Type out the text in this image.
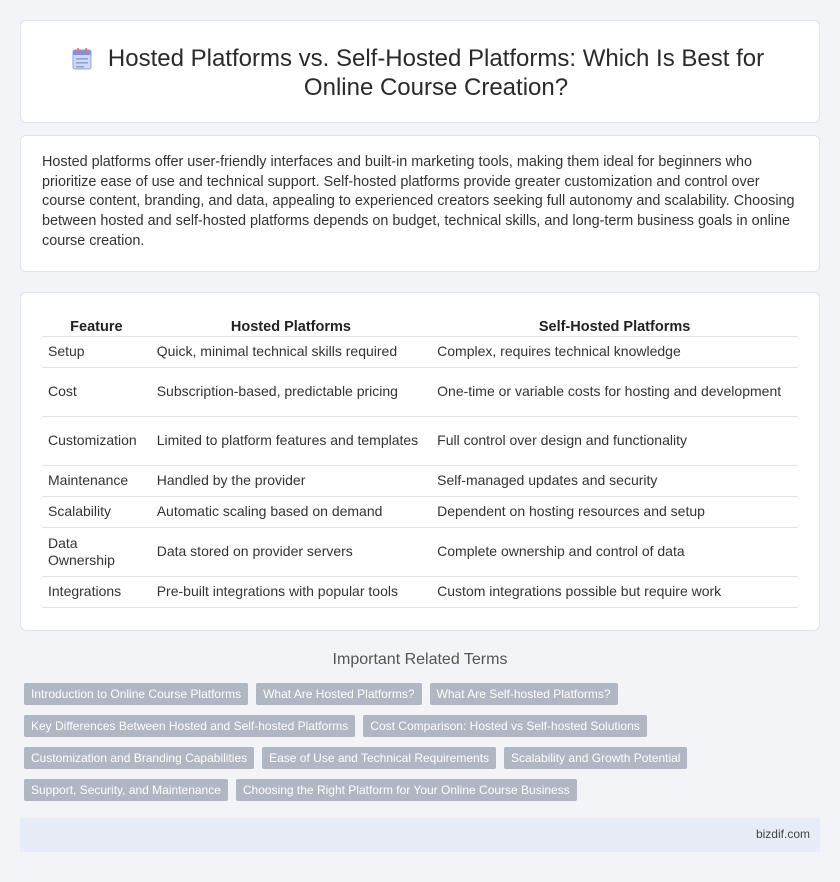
Hosted Platforms vs. Self-Hosted Platforms: Which Is Best for Online Course Creation?

Hosted platforms offer user-friendly interfaces and built-in marketing tools, making them ideal for beginners who prioritize ease of use and technical support. Self-hosted platforms provide greater customization and control over course content, branding, and data, appealing to experienced creators seeking full autonomy and scalability. Choosing between hosted and self-hosted platforms depends on budget, technical skills, and long-term business goals in online course creation.

Feature	Hosted Platforms	Self-Hosted Platforms
Setup	Quick, minimal technical skills required	Complex, requires technical knowledge
Cost	Subscription-based, predictable pricing	One-time or variable costs for hosting and development
Customization	Limited to platform features and templates	Full control over design and functionality
Maintenance	Handled by the provider	Self-managed updates and security
Scalability	Automatic scaling based on demand	Dependent on hosting resources and setup
Data Ownership	Data stored on provider servers	Complete ownership and control of data
Integrations	Pre-built integrations with popular tools	Custom integrations possible but require work
Important Related Terms
Introduction to Online Course Platforms	What Are Hosted Platforms?	What Are Self-hosted Platforms?
Key Differences Between Hosted and Self-hosted Platforms	Cost Comparison: Hosted vs Self-hosted Solutions
Customization and Branding Capabilities	Ease of Use and Technical Requirements	Scalability and Growth Potential
Support, Security, and Maintenance	Choosing the Right Platform for Your Online Course Business
bizdif.com
